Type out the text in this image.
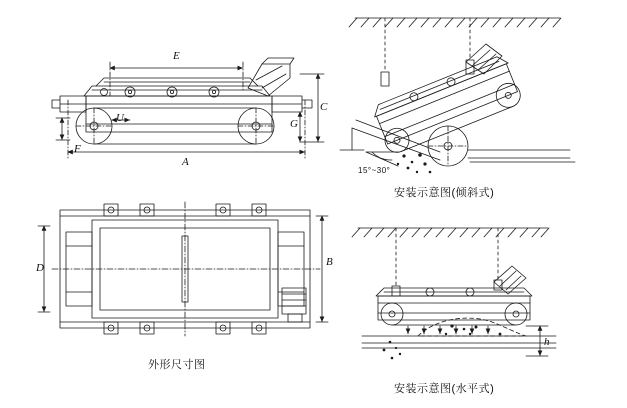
E
A
C
G
F
U
D	B
15°~30°
h
安装示意图(倾斜式)
外形尺寸图
安装示意图(水平式)
